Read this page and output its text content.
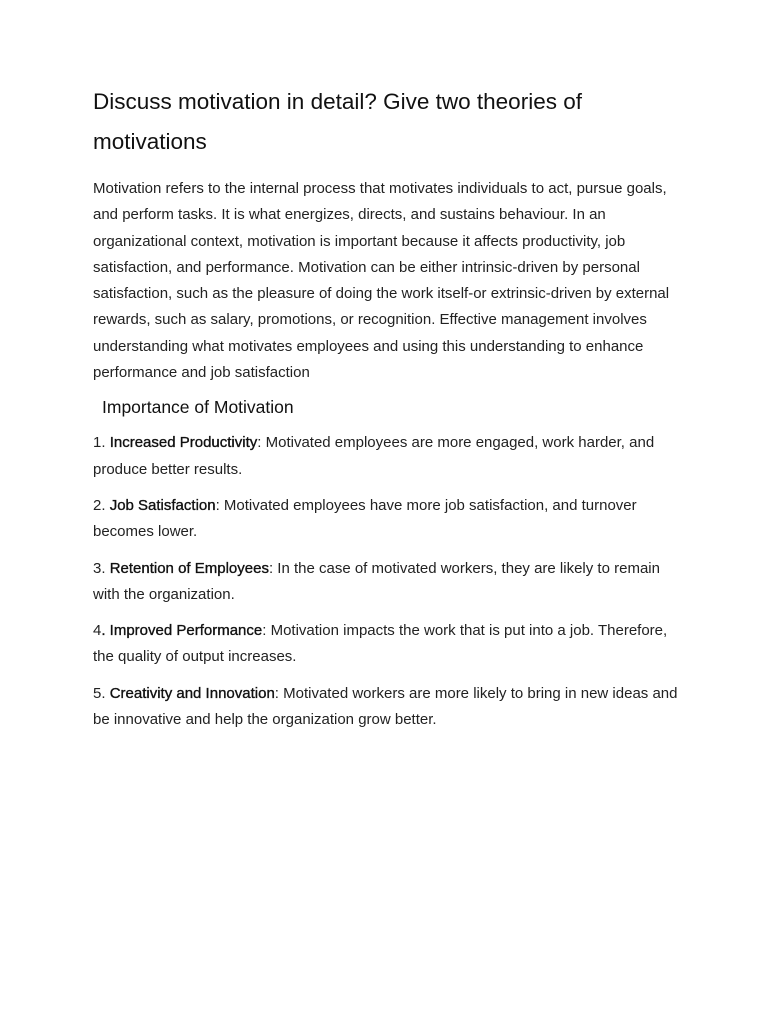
Discuss motivation in detail? Give two theories of motivations

Motivation refers to the internal process that motivates individuals to act, pursue goals, and perform tasks. It is what energizes, directs, and sustains behaviour. In an organizational context, motivation is important because it affects productivity, job satisfaction, and performance. Motivation can be either intrinsic-driven by personal satisfaction, such as the pleasure of doing the work itself-or extrinsic-driven by external rewards, such as salary, promotions, or recognition. Effective management involves understanding what motivates employees and using this understanding to enhance performance and job satisfaction

Importance of Motivation

1. Increased Productivity: Motivated employees are more engaged, work harder, and produce better results.

2. Job Satisfaction: Motivated employees have more job satisfaction, and turnover becomes lower.

3. Retention of Employees: In the case of motivated workers, they are likely to remain with the organization.

4. Improved Performance: Motivation impacts the work that is put into a job. Therefore, the quality of output increases.

5. Creativity and Innovation: Motivated workers are more likely to bring in new ideas and be innovative and help the organization grow better.
